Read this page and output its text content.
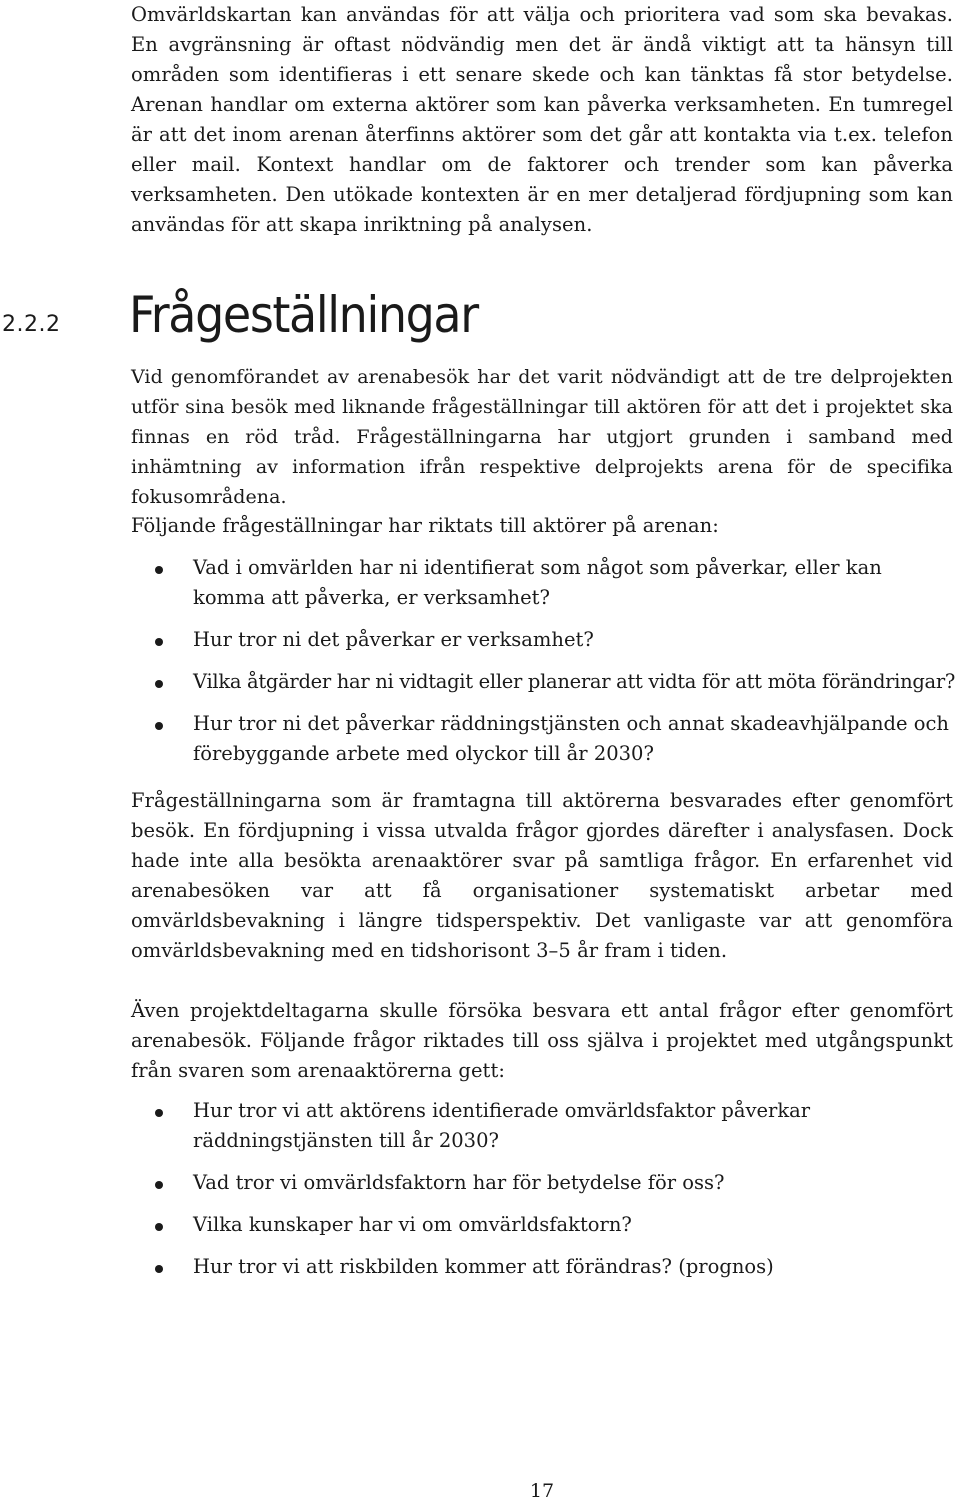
Omvärldskartan kan användas för att välja och prioritera vad som ska bevakas. En avgränsning är oftast nödvändig men det är ändå viktigt att ta hänsyn till områden som identifieras i ett senare skede och kan tänktas få stor betydelse. Arenan handlar om externa aktörer som kan påverka verksamheten. En tumregel är att det inom arenan återfinns aktörer som det går att kontakta via t.ex. telefon eller mail. Kontext handlar om de faktorer och trender som kan påverka verksamheten. Den utökade kontexten är en mer detaljerad fördjupning som kan användas för att skapa inriktning på analysen.

2.2.2 Frågeställningar

Vid genomförandet av arenabesök har det varit nödvändigt att de tre delprojekten utför sina besök med liknande frågeställningar till aktören för att det i projektet ska finnas en röd tråd. Frågeställningarna har utgjort grunden i samband med inhämtning av information ifrån respektive delprojekts arena för de specifika fokusområdena.

Följande frågeställningar har riktats till aktörer på arenan:

Vad i omvärlden har ni identifierat som något som påverkar, eller kan komma att påverka, er verksamhet?
Hur tror ni det påverkar er verksamhet?
Vilka åtgärder har ni vidtagit eller planerar att vidta för att möta förändringar?
Hur tror ni det påverkar räddningstjänsten och annat skadeavhjälpande och förebyggande arbete med olyckor till år 2030?

Frågeställningarna som är framtagna till aktörerna besvarades efter genomfört besök. En fördjupning i vissa utvalda frågor gjordes därefter i analysfasen. Dock hade inte alla besökta arenaaktörer svar på samtliga frågor. En erfarenhet vid arenabesöken var att få organisationer systematiskt arbetar med omvärldsbevakning i längre tidsperspektiv. Det vanligaste var att genomföra omvärldsbevakning med en tidshorisont 3–5 år fram i tiden.

Även projektdeltagarna skulle försöka besvara ett antal frågor efter genomfört arenabesök. Följande frågor riktades till oss själva i projektet med utgångspunkt från svaren som arenaaktörerna gett:

Hur tror vi att aktörens identifierade omvärldsfaktor påverkar räddningstjänsten till år 2030?
Vad tror vi omvärldsfaktorn har för betydelse för oss?
Vilka kunskaper har vi om omvärldsfaktorn?
Hur tror vi att riskbilden kommer att förändras? (prognos)
17
